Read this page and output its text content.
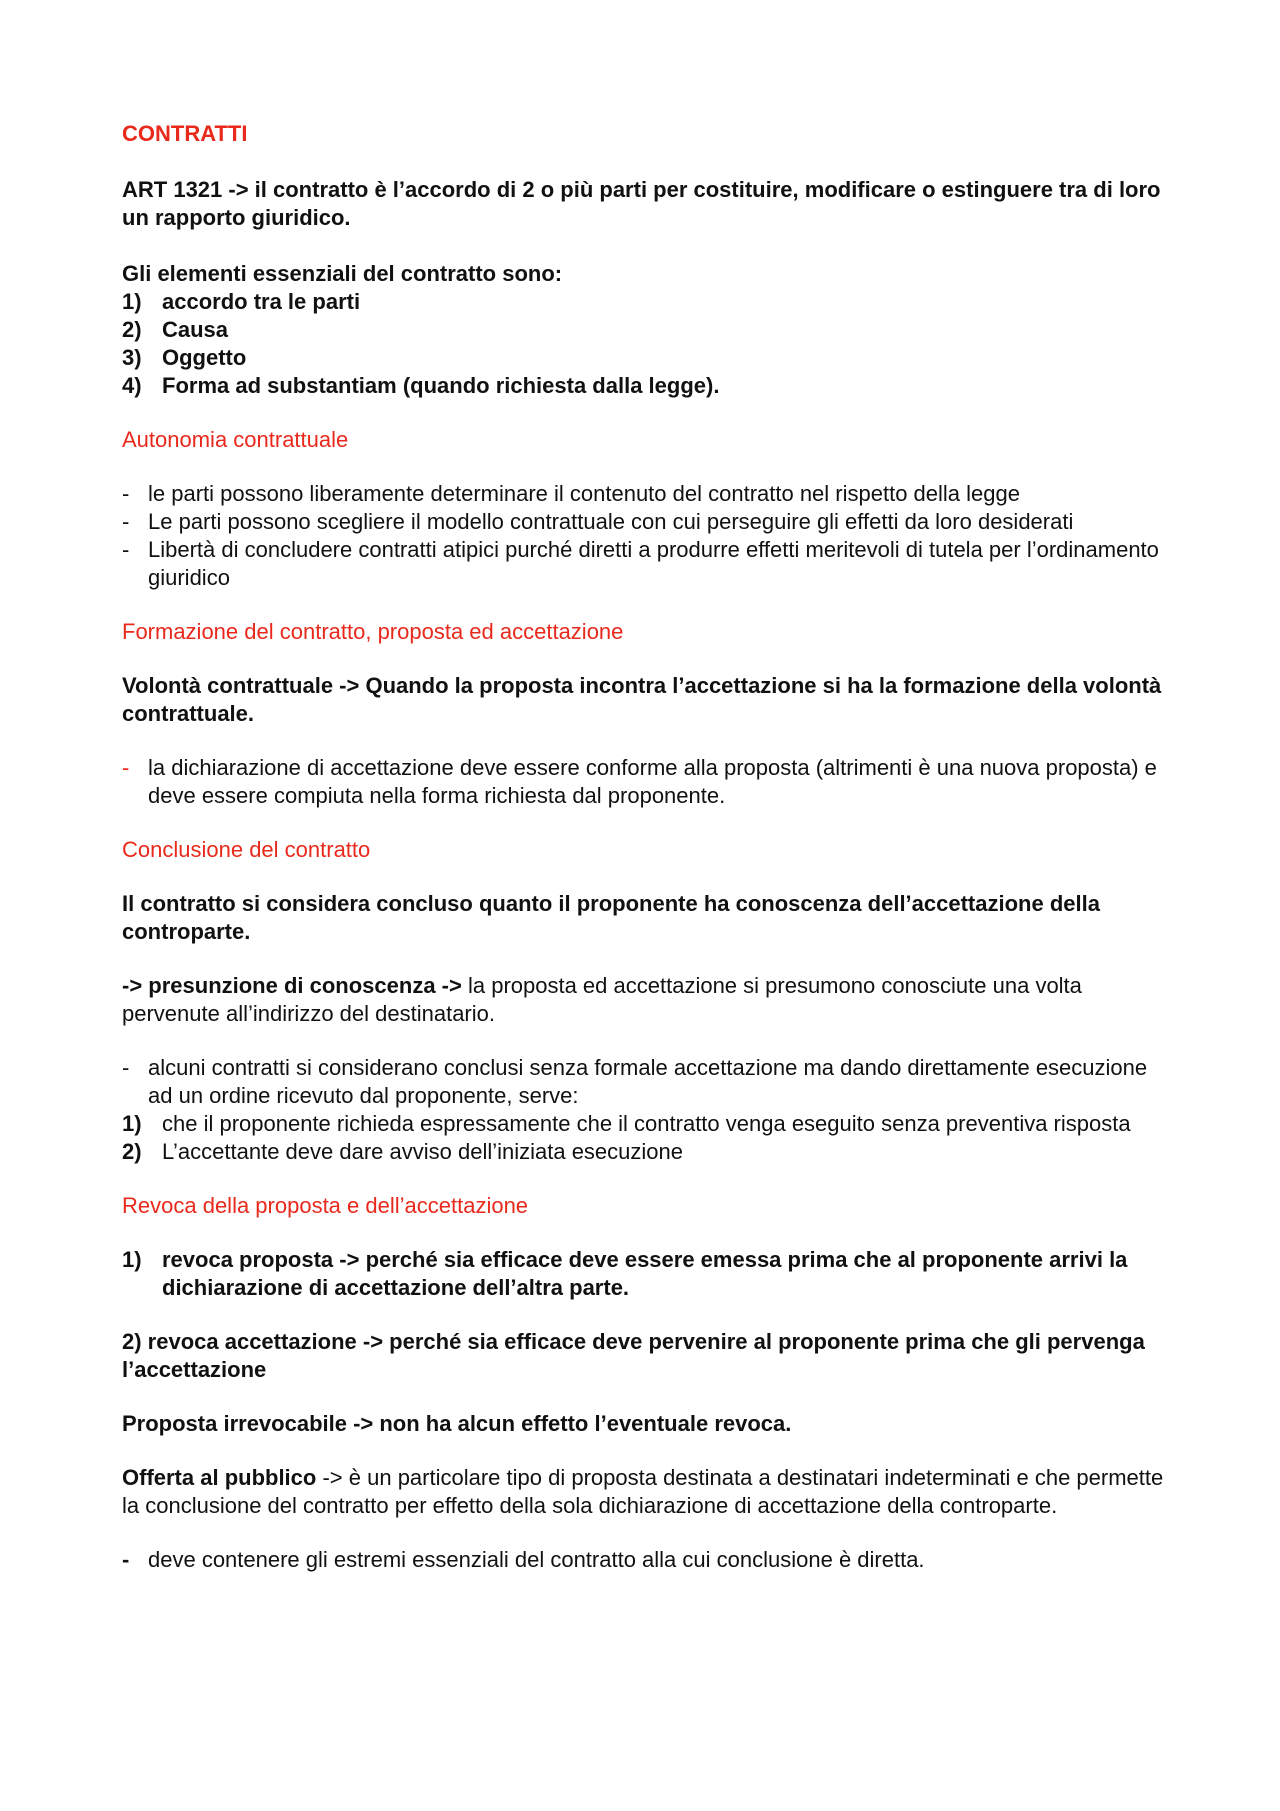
CONTRATTI

ART 1321 -> il contratto è l’accordo di 2 o più parti per costituire, modificare o estinguere tra di loro un rapporto giuridico.

Gli elementi essenziali del contratto sono:

1) accordo tra le parti
2) Causa
3) Oggetto
4) Forma ad substantiam (quando richiesta dalla legge).
Autonomia contrattuale
- le parti possono liberamente determinare il contenuto del contratto nel rispetto della legge
- Le parti possono scegliere il modello contrattuale con cui perseguire gli effetti da loro desiderati
- Libertà di concludere contratti atipici purché diretti a produrre effetti meritevoli di tutela per l’ordinamento giuridico
Formazione del contratto, proposta ed accettazione

Volontà contrattuale -> Quando la proposta incontra l’accettazione si ha la formazione della volontà contrattuale.

- la dichiarazione di accettazione deve essere conforme alla proposta (altrimenti è una nuova proposta) e deve essere compiuta nella forma richiesta dal proponente.
Conclusione del contratto

Il contratto si considera concluso quanto il proponente ha conoscenza dell’accettazione della controparte.

-> presunzione di conoscenza -> la proposta ed accettazione si presumono conosciute una volta pervenute all’indirizzo del destinatario.

- alcuni contratti si considerano conclusi senza formale accettazione ma dando direttamente esecuzione ad un ordine ricevuto dal proponente, serve:
1) che il proponente richieda espressamente che il contratto venga eseguito senza preventiva risposta
2) L’accettante deve dare avviso dell’iniziata esecuzione
Revoca della proposta e dell’accettazione
1) revoca proposta -> perché sia efficace deve essere emessa prima che al proponente arrivi la dichiarazione di accettazione dell’altra parte.

2) revoca accettazione -> perché sia efficace deve pervenire al proponente prima che gli pervenga l’accettazione

Proposta irrevocabile -> non ha alcun effetto l’eventuale revoca.

Offerta al pubblico -> è un particolare tipo di proposta destinata a destinatari indeterminati e che permette la conclusione del contratto per effetto della sola dichiarazione di accettazione della controparte.

- deve contenere gli estremi essenziali del contratto alla cui conclusione è diretta.
